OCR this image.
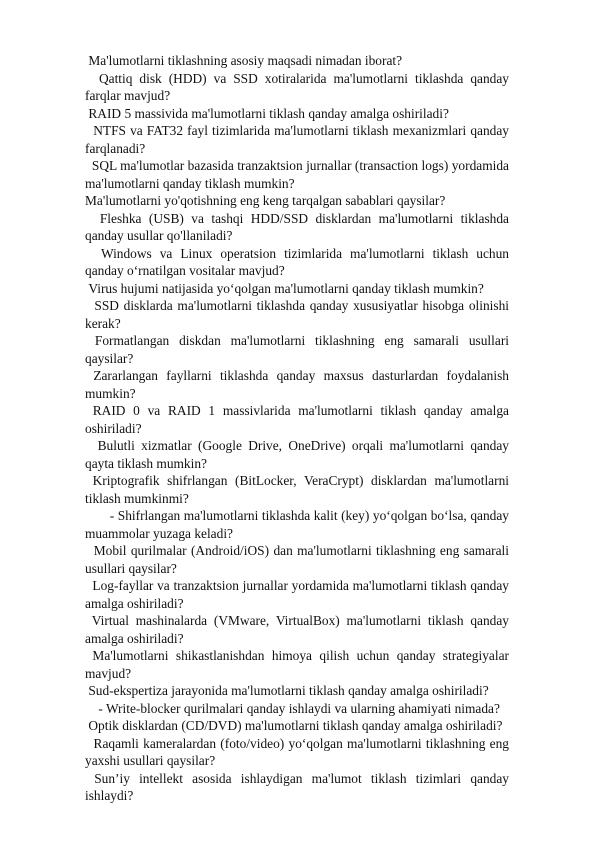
Ma'lumotlarni tiklashning asosiy maqsadi nimadan iborat?

Qattiq disk (HDD) va SSD xotiralarida ma'lumotlarni tiklashda qanday farqlar mavjud?

RAID 5 massivida ma'lumotlarni tiklash qanday amalga oshiriladi?

NTFS va FAT32 fayl tizimlarida ma'lumotlarni tiklash mexanizmlari qanday farqlanadi?

SQL ma'lumotlar bazasida tranzaktsion jurnallar (transaction logs) yordamida ma'lumotlarni qanday tiklash mumkin?

Ma'lumotlarni yo'qotishning eng keng tarqalgan sabablari qaysilar?

Fleshka (USB) va tashqi HDD/SSD disklardan ma'lumotlarni tiklashda qanday usullar qo'llaniladi?

Windows va Linux operatsion tizimlarida ma'lumotlarni tiklash uchun qanday o‘rnatilgan vositalar mavjud?

Virus hujumi natijasida yo‘qolgan ma'lumotlarni qanday tiklash mumkin?

SSD disklarda ma'lumotlarni tiklashda qanday xususiyatlar hisobga olinishi kerak?

Formatlangan diskdan ma'lumotlarni tiklashning eng samarali usullari qaysilar?

Zararlangan fayllarni tiklashda qanday maxsus dasturlardan foydalanish mumkin?

RAID 0 va RAID 1 massivlarida ma'lumotlarni tiklash qanday amalga oshiriladi?

Bulutli xizmatlar (Google Drive, OneDrive) orqali ma'lumotlarni qanday qayta tiklash mumkin?

Kriptografik shifrlangan (BitLocker, VeraCrypt) disklardan ma'lumotlarni tiklash mumkinmi?

- Shifrlangan ma'lumotlarni tiklashda kalit (key) yo‘qolgan bo‘lsa, qanday muammolar yuzaga keladi?

Mobil qurilmalar (Android/iOS) dan ma'lumotlarni tiklashning eng samarali usullari qaysilar?

Log-fayllar va tranzaktsion jurnallar yordamida ma'lumotlarni tiklash qanday amalga oshiriladi?

Virtual mashinalarda (VMware, VirtualBox) ma'lumotlarni tiklash qanday amalga oshiriladi?

Ma'lumotlarni shikastlanishdan himoya qilish uchun qanday strategiyalar mavjud?

Sud-ekspertiza jarayonida ma'lumotlarni tiklash qanday amalga oshiriladi?

- Write-blocker qurilmalari qanday ishlaydi va ularning ahamiyati nimada?

Optik disklardan (CD/DVD) ma'lumotlarni tiklash qanday amalga oshiriladi?

Raqamli kameralardan (foto/video) yo‘qolgan ma'lumotlarni tiklashning eng yaxshi usullari qaysilar?

Sun’iy intellekt asosida ishlaydigan ma'lumot tiklash tizimlari qanday ishlaydi?
